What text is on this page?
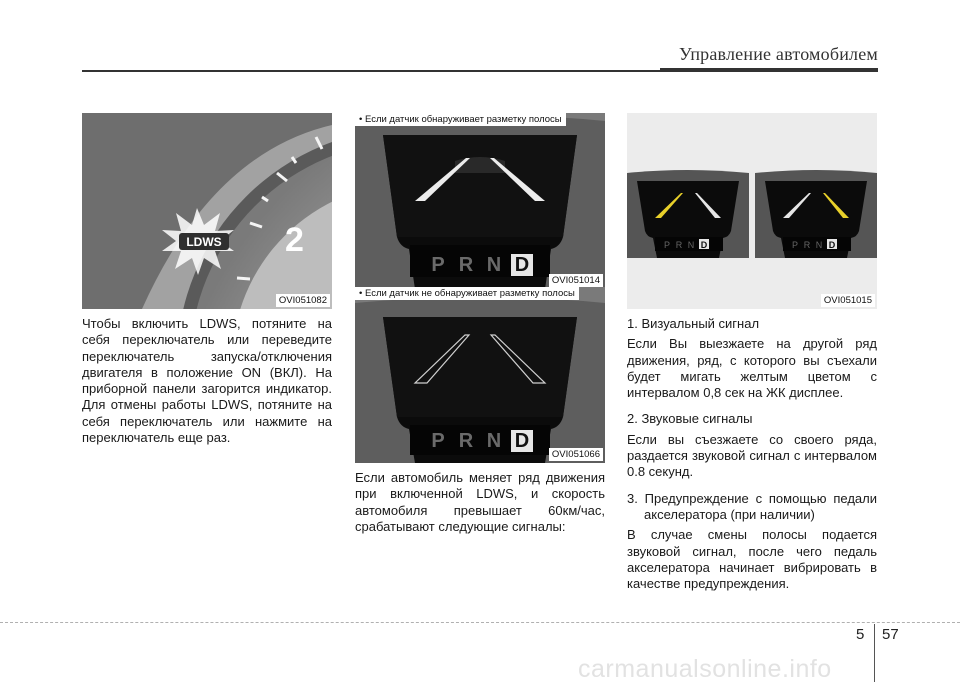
Управление автомобилем
LDWS 2
OVI051082
P R N D
• Если датчик обнаруживает разметку полосы
OVI051014
P R N D
• Если датчик не обнаруживает разметку полосы
OVI051066
P R N D	P R N D
OVI051015

Чтобы включить LDWS, потяните на себя переключатель или переведите переключатель запуска/отключения двигателя в положение ON (ВКЛ). На приборной панели загорится индикатор. Для отмены работы LDWS, потяните на себя переключатель или нажмите на переключатель еще раз.

Если автомобиль меняет ряд движения при включенной LDWS, и скорость автомобиля превышает 60км/час, срабатывают следующие сигналы:

1. Визуальный сигнал

Если Вы выезжаете на другой ряд движения, ряд, с которого вы съехали будет мигать желтым цветом с интервалом 0,8 сек на ЖК дисплее.

2. Звуковые сигналы

Если вы съезжаете со своего ряда, раздается звуковой сигнал с интервалом 0.8 секунд.

3. Предупреждение с помощью педали акселератора (при наличии)

В случае смены полосы подается звуковой сигнал, после чего педаль акселератора начинает вибрировать в качестве предупреждения.

5 57
carmanualsonline.info
